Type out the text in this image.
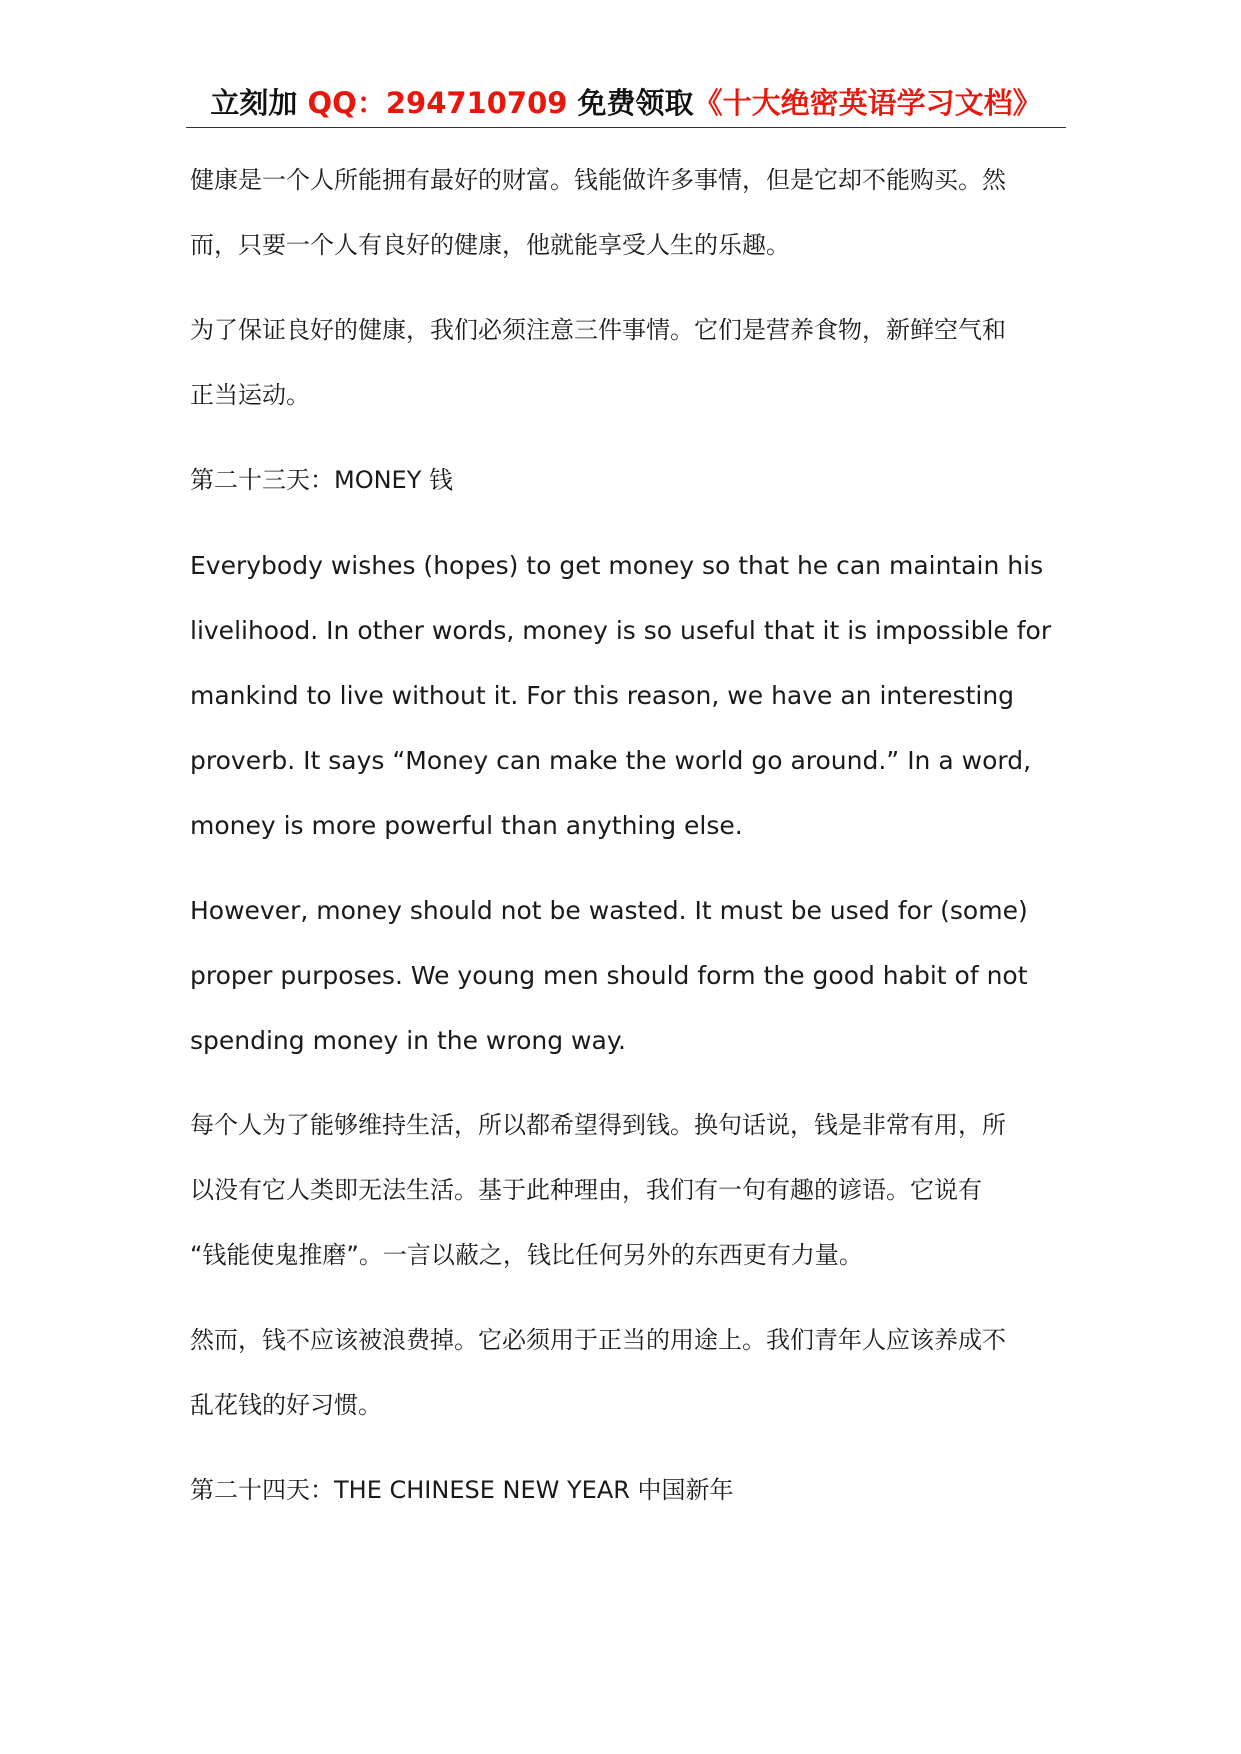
立刻加 QQ：294710709 免费领取《十大绝密英语学习文档》

健康是一个人所能拥有最好的财富。钱能做许多事情，但是它却不能购买。然
而，只要一个人有良好的健康，他就能享受人生的乐趣。

为了保证良好的健康，我们必须注意三件事情。它们是营养食物，新鲜空气和
正当运动。

第二十三天：MONEY 钱

Everybody wishes (hopes) to get money so that he can maintain his
livelihood. In other words, money is so useful that it is impossible for
mankind to live without it. For this reason, we have an interesting
proverb. It says “Money can make the world go around.” In a word,
money is more powerful than anything else.

However, money should not be wasted. It must be used for (some)
proper purposes. We young men should form the good habit of not
spending money in the wrong way.

每个人为了能够维持生活，所以都希望得到钱。换句话说，钱是非常有用，所
以没有它人类即无法生活。基于此种理由，我们有一句有趣的谚语。它说有
“钱能使鬼推磨”。一言以蔽之，钱比任何另外的东西更有力量。

然而，钱不应该被浪费掉。它必须用于正当的用途上。我们青年人应该养成不
乱花钱的好习惯。

第二十四天：THE CHINESE NEW YEAR 中国新年
